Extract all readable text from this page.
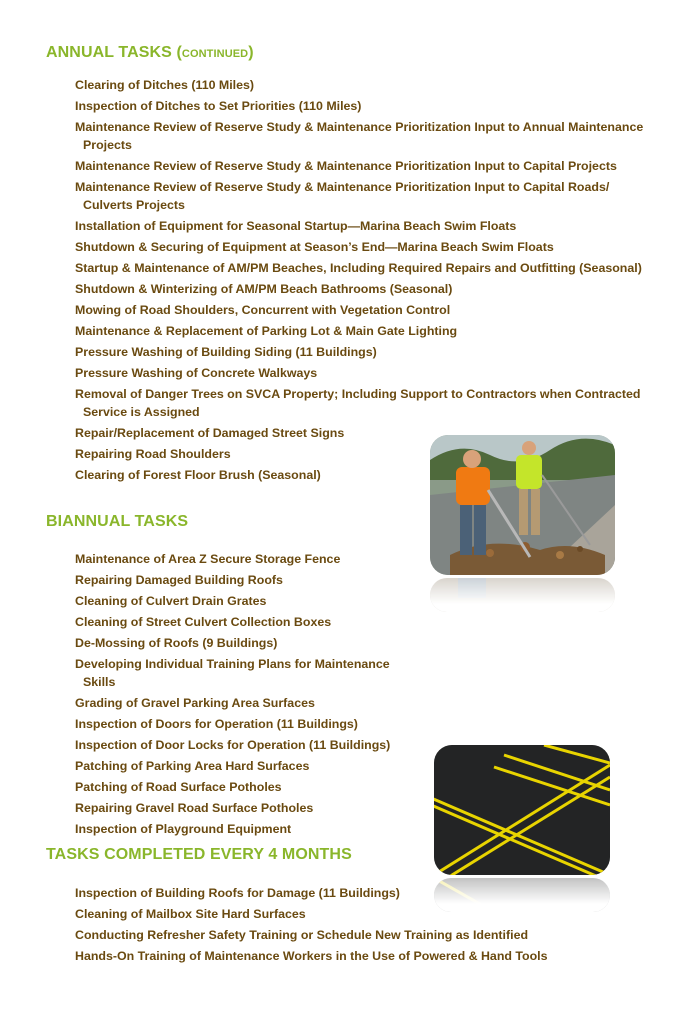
ANNUAL TASKS (continued)
Clearing of Ditches (110 Miles)
Inspection of Ditches to Set Priorities (110 Miles)
Maintenance Review of Reserve Study & Maintenance Prioritization Input to Annual Maintenance Projects
Maintenance Review of Reserve Study & Maintenance Prioritization Input to Capital Projects
Maintenance Review of Reserve Study & Maintenance Prioritization Input to Capital Roads/ Culverts Projects
Installation of Equipment for Seasonal Startup—Marina Beach Swim Floats
Shutdown & Securing of Equipment at Season’s End—Marina Beach Swim Floats
Startup & Maintenance of AM/PM Beaches, Including Required Repairs and Outfitting (Seasonal)
Shutdown & Winterizing of AM/PM Beach Bathrooms (Seasonal)
Mowing of Road Shoulders, Concurrent with Vegetation Control
Maintenance & Replacement of Parking Lot & Main Gate Lighting
Pressure Washing of Building Siding (11 Buildings)
Pressure Washing of Concrete Walkways
Removal of Danger Trees on SVCA Property; Including Support to Contractors when Contracted Service is Assigned
Repair/Replacement of Damaged Street Signs
Repairing Road Shoulders
Clearing of Forest Floor Brush (Seasonal)
BIANNUAL TASKS
Maintenance of Area Z Secure Storage Fence
Repairing Damaged Building Roofs
Cleaning of Culvert Drain Grates
Cleaning of Street Culvert Collection Boxes
De-Mossing of Roofs (9 Buildings)
Developing Individual Training Plans for Maintenance Skills
Grading of Gravel Parking Area Surfaces
Inspection of Doors for Operation (11 Buildings)
Inspection of Door Locks for Operation (11 Buildings)
Patching of Parking Area Hard Surfaces
Patching of Road Surface Potholes
Repairing Gravel Road Surface Potholes
Inspection of Playground Equipment
TASKS COMPLETED EVERY 4 MONTHS
Inspection of Building Roofs for Damage (11 Buildings)
Cleaning of Mailbox Site Hard Surfaces
Conducting Refresher Safety Training or Schedule New Training as Identified
Hands-On Training of Maintenance Workers in the Use of Powered & Hand Tools
